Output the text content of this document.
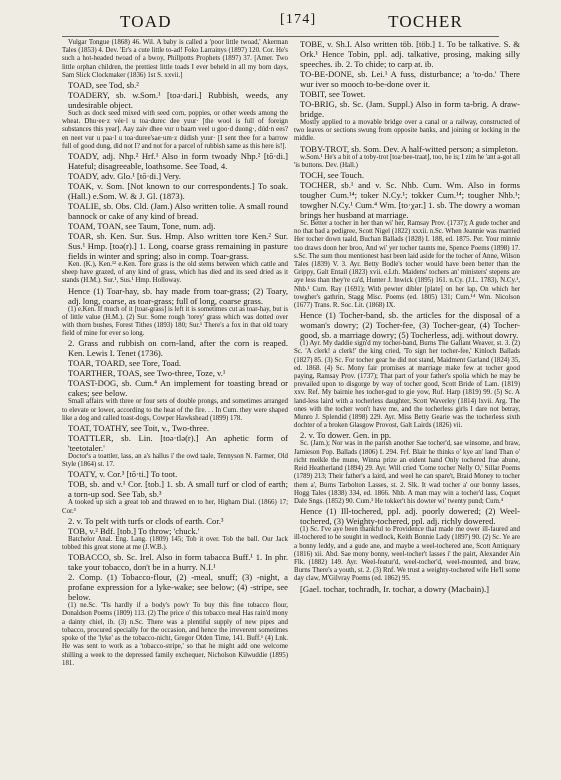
TOAD	[174]	TOCHER

Vulgar Tongue (1868) 46. Wil. A baby is called a 'poor little twoad,' Akerman Tales (1853) 4. Dev. 'Er's a cute little to-ad! Foko Larrainys (1897) 120. Cor. He's such a hot-headed twoad of a bwoy, Phillpotts Prophets (1897) 37. [Amer. Two little orphan children, the prettiest little toads I ever beheld in all my born days, Sam Slick Clockmaker (1836) 1st S. xxvii.]

TOAD, see Tod, sb.²

TOADERY, sb. w.Som.¹ [toə·dəri.] Rubbish, weeds, any undesirable object.

Such as dock seed mixed with seed corn, poppies, or other weeds among the wheat. Dhu·ee·z vée·l u toa·durec dee yuur· [the wool is full of foreign substances this year]. Aay zaiv dhee vur u baarn veel u goo·d duong·, dúd·n ees? en neet vur u paa·l u toa·duree'sae·um·z dúdish yuur· [I sent thee for a barrow full of good dung, did not I? and not for a parcel of rubbish same as this here is!].

TOADY, adj. Nhp.² Hrf.¹ Also in form twoady Nhp.² [tō·di.] Hateful; disagreeable, loathsome. See Toad, 4.

TOADY, adv. Glo.¹ [tō·di.] Very.

TOAK, v. Som. [Not known to our correspondents.] To soak. (Hall.) e.Som. W. & J. Gl. (1873).

TOALIE, sb. Obs. Cld. (Jam.) Also written tolie. A small round bannock or cake of any kind of bread.

TOAM, TOAN, see Taum, Tone, num. adj.

TOAR, sb. Ken. Sur. Sus. Hmp. Also written tore Ken.² Sur. Sus.¹ Hmp. [toə(r).] 1. Long, coarse grass remaining in pasture fields in winter and spring; also in comp. Toar-grass.

Ken. (K.), Ken.¹² e.Ken. Tore grass is the old stems between which cattle and sheep have grazed, of any kind of grass, which has died and its seed dried as it stands (H.M.). Sur.¹, Sus.¹ Hmp. Holloway.

Hence (1) Toar-hay, sb. hay made from toar-grass; (2) Toary, adj. long, coarse, as toar-grass; full of long, coarse grass.

(1) e.Ken. If much of it [toar-grass] is left it is sometimes cut as toar-hay, but is of little value (H.M.). (2) Sur. Some rough 'torey' grass which was dotted over with thorn bushes, Forest Tithes (1893) 180; Sur.¹ There's a fox in that old toary field of mine for ever so long.

2. Grass and rubbish on corn-land, after the corn is reaped. Ken. Lewis I. Tenet (1736).

TOAR, TOARD, see Tore, Toad.

TOARTHER, TOAS, see Two-three, Toze, v.¹

TOAST-DOG, sb. Cum.⁴ An implement for toasting bread or cakes; see below.

Small affairs with three or four sets of double prongs, and sometimes arranged to elevate or lower, according to the heat of the fire. . . In Cum. they were shaped like a dog and called toast-dogs, Cowper Hawkshead (1899) 178.

TOAT, TOATHY, see Toit, v., Two-three.

TOATTLER, sb. Lin. [toə·tlə(r).] An aphetic form of 'teetotaler.'

Doctor's a toattler, lass, an a's hallus i' the owd taale, Tennyson N. Farmer, Old Style (1864) st. 17.

TOATY, v. Cor.³ [tō·ti.] To toot.

TOB, sb. and v.¹ Cor. [tob.] 1. sb. A small turf or clod of earth; a torn-up sod. See Tab, sb.³

A tooked up sich a great tob and thrawed en to her, Higham Dial. (1866) 17; Cor.³

2. v. To pelt with turfs or clods of earth. Cor.³

TOB, v.² Bdf. [tob.] To throw; 'chuck.'

Batchelor Anal. Eng. Lang. (1809) 145; Tob it over. Tob the ball. Our Jack tobbed this great stone at me (J.W.B.).

TOBACCO, sb. Sc. Irel. Also in form tabacca Buff.¹ 1. In phr. take your tobacco, don't be in a hurry. N.I.¹

2. Comp. (1) Tobacco-flour, (2) -meal, snuff; (3) -night, a profane expression for a lyke-wake; see below; (4) -stripe, see below.

(1) ne.Sc. 'Tis hardly if a body's pow'r To buy this fine tobacco flour, Donaldson Poems (1809) 113. (2) The price o' this tobacco meal Has rain'd mony a dainty chiel, ib. (3) n.Sc. There was a plentiful supply of new pipes and tobacco, procured specially for the occasion, and hence the irreverent sometimes spoke of the 'lyke' as the tobacco-nicht, Gregor Olden Time, 141. Buff.¹ (4) Lnk. He was sent to work as a 'tobacco-stripe,' so that he might add one welcome shilling a week to the depressed family exchequer, Nicholson Kilwuddie (1895) 181.

TOBE, v. Sh.I. Also written töb. [töb.] 1. To be talkative. S. & Ork.¹ Hence Tobin, ppl. adj. talkative, prosing, making silly speeches. ib. 2. To chide; to carp at. ib.

TO-BE-DONE, sb. Lei.¹ A fuss, disturbance; a 'to-do.' There wur iver so mooch to-be-done over it.

TOBIT, see Towet.

TO-BRIG, sb. Sc. (Jam. Suppl.) Also in form ta-brig. A draw-bridge.

Mostly applied to a movable bridge over a canal or a railway, constructed of two leaves or sections swung from opposite banks, and joining or locking in the middle.

TOBY-TROT, sb. Som. Dev. A half-witted person; a simpleton.

w.Som.¹ He's a bit of a toby-trot [toa·bee-traat], too, he is; I zim he 'ant a-got all 'is buttons. Dev. (Hall.)

TOCH, see Touch.

TOCHER, sb.¹ and v. Sc. Nhb. Cum. Wm. Also in forms tougher Cum.¹⁴; toker N.Cy.¹; tokker Cum.¹⁴; tougher Nhb.¹; towgher N.Cy.¹ Cum.⁴ Wm. [to·χər.] 1. sb. The dowry a woman brings her husband at marriage.

Sc. Better a tocher in her than wi' her, Ramsay Prov. (1737); A gude tocher and no that bad a pedigree, Scott Nigel (1822) xxxii. n.Sc. When Jeannie was married Her tocher down taald, Buchan Ballads (1828) I. 188, ed. 1875. Per. Your minnie too draws doon her broo, And wi' yer tocher taunts me, Spence Poems (1898) 17. s.Sc. The sum thou mentionest hast been laid aside for the tocher of Anne, Wilson Tales (1839) V. 3. Ayr. Betty Bodle's tocher would have been better than the Grippy, Galt Entail (1823) xvii. e.Lth. Maidens' tochers an' ministers' stepens are aye less than they're ca'd, Hunter J. Inwick (1895) 161. n.Cy. (J.L. 1783), N.Cy.¹, Nhb.¹ Cum. Ray (1691); With pewter dibler [plate] on her lap, On which her towgher's gathrin, Stagg Misc. Poems (ed. 1805) 131; Cum.¹⁴ Wm. Nicolson (1677) Trans. R. Soc. Lit. (1868) IX.

Hence (1) Tocher-band, sb. the articles for the disposal of a woman's dowry; (2) Tocher-fee, (3) Tocher-gear, (4) Tocher-good, sb. a marriage dowry; (5) Tocherless, adj. without dowry.

(1) Ayr. My daddie sign'd my tocher-band, Burns The Gallant Weaver, st. 3. (2) Sc. 'A clerk! a clerk!' the king cried, 'To sign her tocher-fee,' Kinloch Ballads (1827) 85. (3) Sc. For tocher gear he did not stand, Maidment Garland (1824) 35, ed. 1868. (4) Sc. Mony fair promises at marriage make few at tocher good paying, Ramsay Prov. (1737); That part of your father's spolia which he may be prevailed upon to disgorge by way of tocher good, Scott Bride of Lam. (1819) xxv. Ref. My bairnie hes tocher-gud to gie yow, Ruf. Harp (1819) 99. (5) Sc. A land-less laird with a tocherless daughter, Scott Waverley (1814) lxvii. Arg. The ones with the tocher won't have me, and the tocherless girls I dare not betray, Munro J. Splendid (1898) 229. Ayr. Miss Betty Gearie was the tocherless sixth dochter of a broken Glasgow Provost, Galt Lairds (1826) vii.

2. v. To dower. Gen. in pp.

Sc. (Jam.); Nor was in the parish another Sae tocher'd, sae winsome, and braw, Jamieson Pop. Ballads (1806) I. 294. Frf. Blair he thinks o' kye an' land Than o' richt meikle the mune, Winna prize an eident hand Only tochered frae abune, Reid Heatherland (1894) 29. Ayr. Will cried 'Come tocher Nelly O,' Sillar Poems (1789) 213; Their father's a laird, and weel he can spare't, Braid Money to tocher them a', Burns Tarbolton Lasses, st. 2. Slk. It wad tocher a' our bonny lasses, Hogg Tales (1838) 334, ed. 1866. Nhb. A man may win a tocher'd lass, Coquet Dale Sngs. (1852) 90. Cum.¹ He tokker't his dowter wi' twenty pund; Cum.⁴

Hence (1) Ill-tochered, ppl. adj. poorly dowered; (2) Weel-tochered, (3) Weighty-tochered, ppl. adj. richly dowered.

(1) Sc. I've aye been thankful to Providence that made me ower ill-faured and ill-tochered to be sought in wedlock, Keith Bonnie Lady (1897) 90. (2) Sc. Ye are a bonny leddy, and a gude ane, and maybe a weel-tochered ane, Scott Antiquary (1816) xii. Abd. Sae mony bonny, weel-tocher't lasses i' the pairt, Alexander Ain Flk. (1882) 149. Ayr. Weel-featur'd, weel-tocher'd, weel-mounted, and braw, Burns There's a youth, st. 2. (3) Rnf. We trust a weighty-tochered wife He'll some day claw, M'Gilvray Poems (ed. 1862) 95.

[Gael. tochar, tochradh, Ir. tochar, a dowry (Macbain).]
